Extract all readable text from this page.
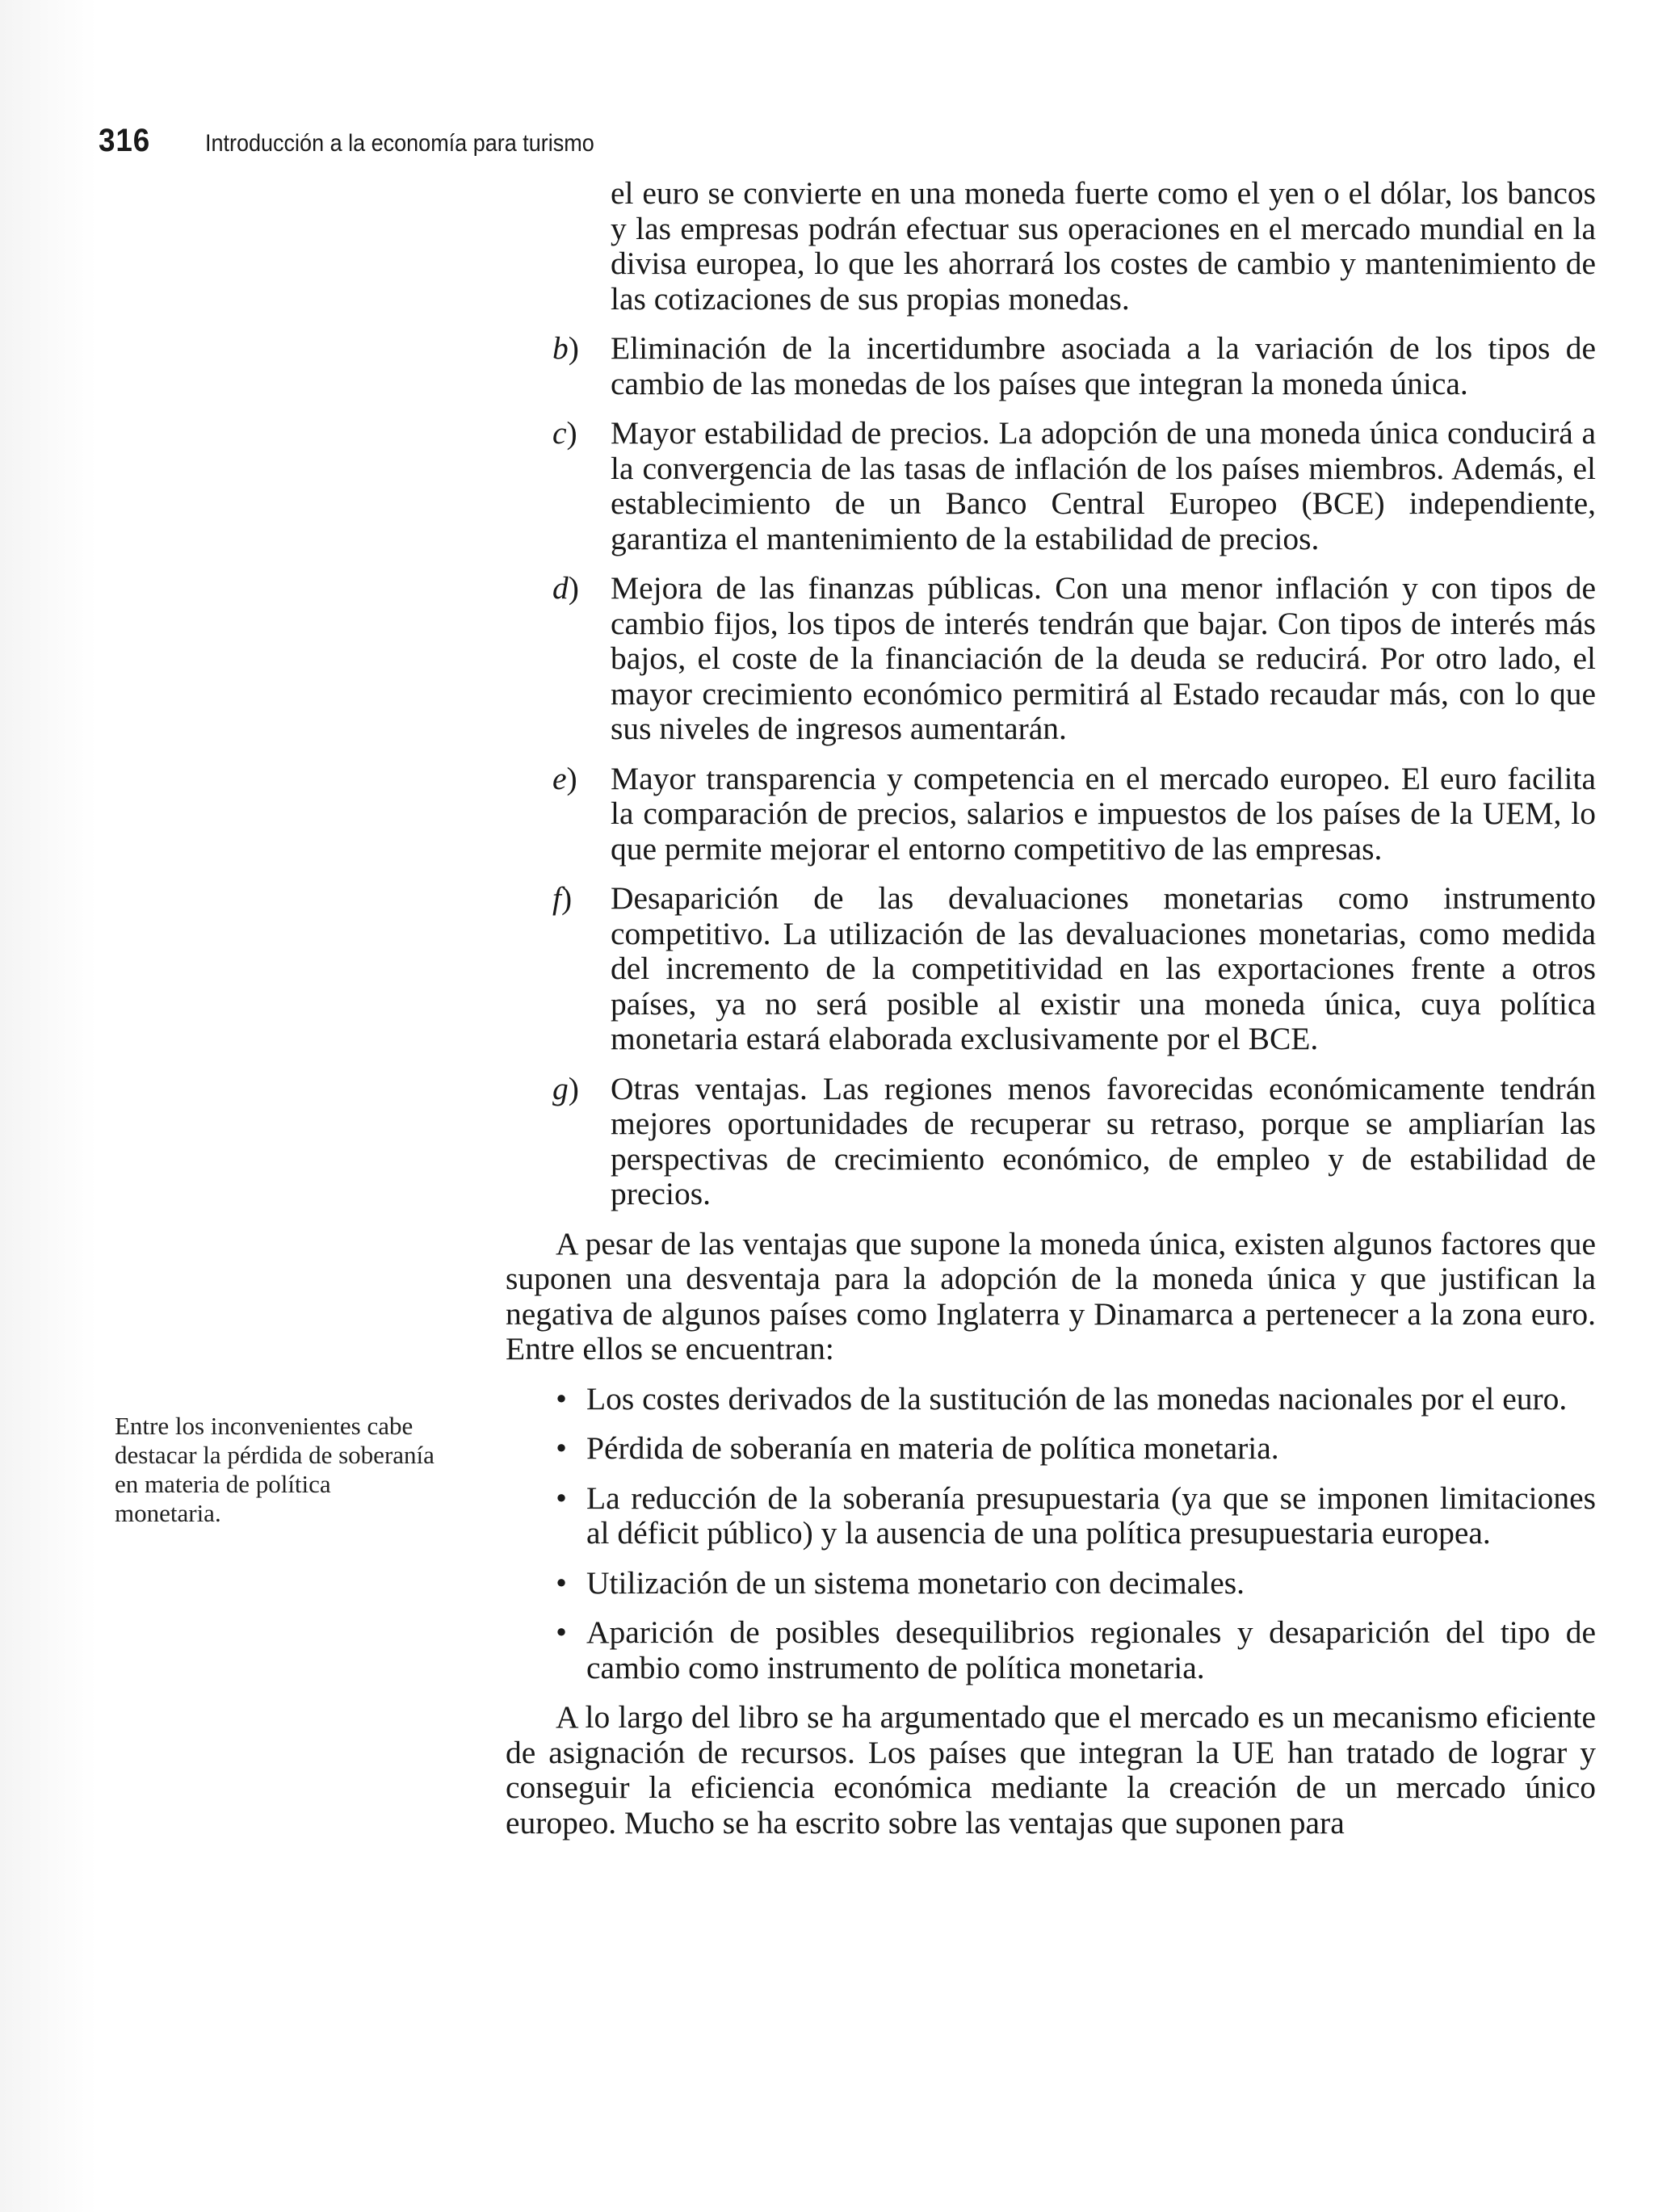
316 Introducción a la economía para turismo
Entre los inconvenientes cabe destacar la pérdida de soberanía en materia de política monetaria.

el euro se convierte en una moneda fuerte como el yen o el dólar, los bancos y las empresas podrán efectuar sus operaciones en el mercado mundial en la divisa europea, lo que les ahorrará los costes de cambio y mantenimiento de las cotizaciones de sus propias monedas.

b) Eliminación de la incertidumbre asociada a la variación de los tipos de cambio de las monedas de los países que integran la moneda única.
c)	Mayor estabilidad de precios. La adopción de una moneda única conducirá a la convergencia de las tasas de inflación de los países miembros. Además, el establecimiento de un Banco Central Europeo (BCE) independiente, garantiza el mantenimiento de la estabilidad de precios.
d) Mejora de las finanzas públicas. Con una menor inflación y con tipos de cambio fijos, los tipos de interés tendrán que bajar. Con tipos de interés más bajos, el coste de la financiación de la deuda se reducirá. Por otro lado, el mayor crecimiento económico permitirá al Estado recaudar más, con lo que sus niveles de ingresos aumentarán.
e)	Mayor transparencia y competencia en el mercado europeo. El euro facilita la comparación de precios, salarios e impuestos de los países de la UEM, lo que permite mejorar el entorno competitivo de las empresas.
f)	Desaparición de las devaluaciones monetarias como instrumento competitivo. La utilización de las devaluaciones monetarias, como medida del incremento de la competitividad en las exportaciones frente a otros países, ya no será posible al existir una moneda única, cuya política monetaria estará elaborada exclusivamente por el BCE.
g) Otras ventajas. Las regiones menos favorecidas económicamente tendrán mejores oportunidades de recuperar su retraso, porque se ampliarían las perspectivas de crecimiento económico, de empleo y de estabilidad de precios.

A pesar de las ventajas que supone la moneda única, existen algunos factores que suponen una desventaja para la adopción de la moneda única y que justifican la negativa de algunos países como Inglaterra y Dinamarca a pertenecer a la zona euro. Entre ellos se encuentran:

• Los costes derivados de la sustitución de las monedas nacionales por el euro.
• Pérdida de soberanía en materia de política monetaria.
• La reducción de la soberanía presupuestaria (ya que se imponen limitaciones al déficit público) y la ausencia de una política presupuestaria europea.
• Utilización de un sistema monetario con decimales.
• Aparición de posibles desequilibrios regionales y desaparición del tipo de cambio como instrumento de política monetaria.

A lo largo del libro se ha argumentado que el mercado es un mecanismo eficiente de asignación de recursos. Los países que integran la UE han tratado de lograr y conseguir la eficiencia económica mediante la creación de un mercado único europeo. Mucho se ha escrito sobre las ventajas que suponen para
